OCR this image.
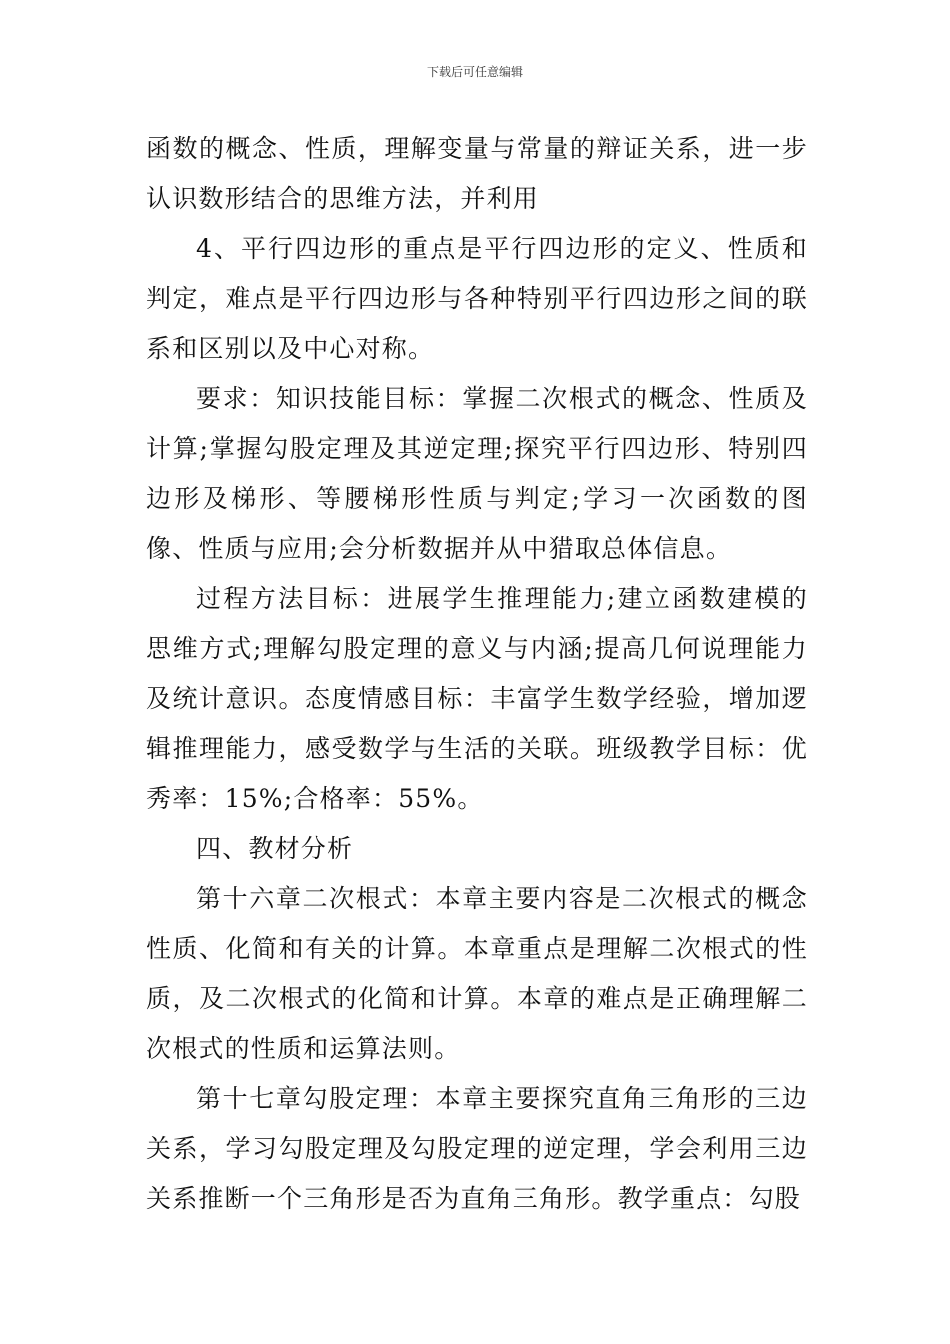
下载后可任意编辑

函数的概念、性质，理解变量与常量的辩证关系，进一步认识数形结合的思维方法，并利用

4、平行四边形的重点是平行四边形的定义、性质和判定，难点是平行四边形与各种特别平行四边形之间的联系和区别以及中心对称。

要求：知识技能目标：掌握二次根式的概念、性质及计算;掌握勾股定理及其逆定理;探究平行四边形、特别四边形及梯形、等腰梯形性质与判定;学习一次函数的图像、性质与应用;会分析数据并从中猎取总体信息。

过程方法目标：进展学生推理能力;建立函数建模的思维方式;理解勾股定理的意义与内涵;提高几何说理能力及统计意识。态度情感目标：丰富学生数学经验，增加逻辑推理能力，感受数学与生活的关联。班级教学目标：优秀率：15%;合格率：55%。

四、教材分析

第十六章二次根式：本章主要内容是二次根式的概念性质、化简和有关的计算。本章重点是理解二次根式的性质，及二次根式的化简和计算。本章的难点是正确理解二次根式的性质和运算法则。

第十七章勾股定理：本章主要探究直角三角形的三边关系，学习勾股定理及勾股定理的逆定理，学会利用三边关系推断一个三角形是否为直角三角形。教学重点：勾股
